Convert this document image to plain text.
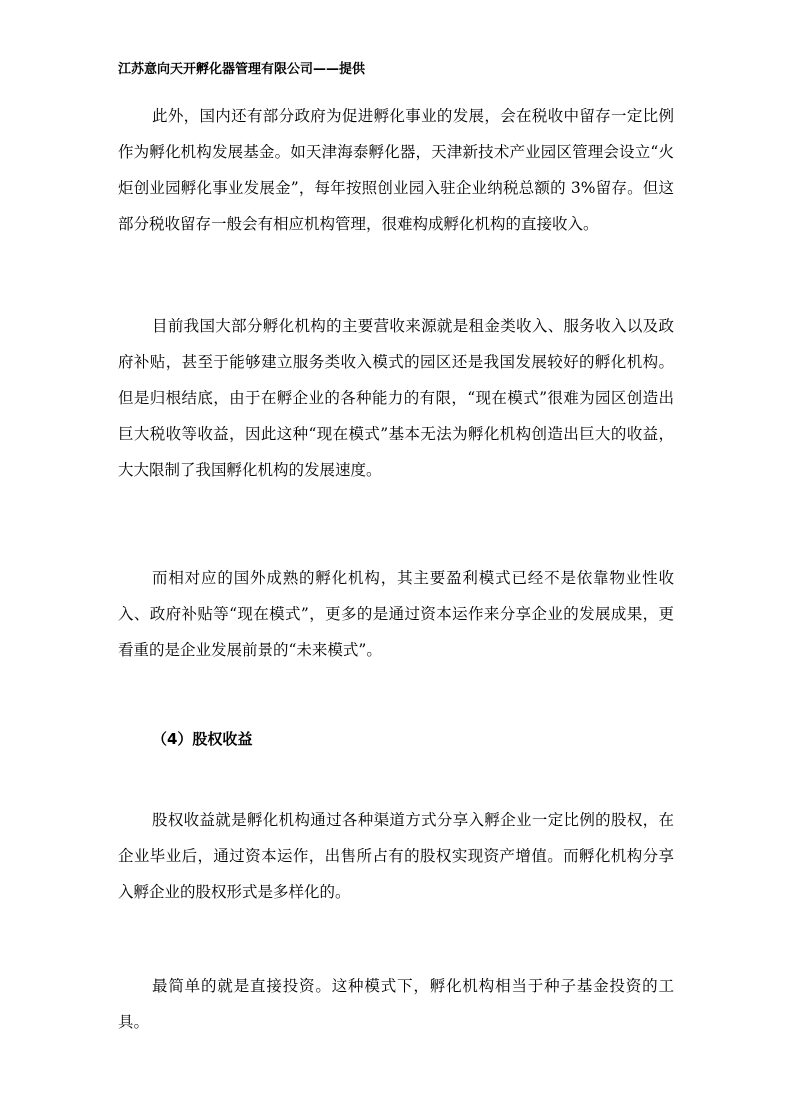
江苏意向天开孵化器管理有限公司——提供

此外，国内还有部分政府为促进孵化事业的发展，会在税收中留存一定比例作为孵化机构发展基金。如天津海泰孵化器，天津新技术产业园区管理会设立“火炬创业园孵化事业发展金”，每年按照创业园入驻企业纳税总额的 3%留存。但这部分税收留存一般会有相应机构管理，很难构成孵化机构的直接收入。

目前我国大部分孵化机构的主要营收来源就是租金类收入、服务收入以及政府补贴，甚至于能够建立服务类收入模式的园区还是我国发展较好的孵化机构。但是归根结底，由于在孵企业的各种能力的有限，“现在模式”很难为园区创造出巨大税收等收益，因此这种“现在模式”基本无法为孵化机构创造出巨大的收益，大大限制了我国孵化机构的发展速度。

而相对应的国外成熟的孵化机构，其主要盈利模式已经不是依靠物业性收入、政府补贴等“现在模式”，更多的是通过资本运作来分享企业的发展成果，更看重的是企业发展前景的“未来模式”。

（4）股权收益

股权收益就是孵化机构通过各种渠道方式分享入孵企业一定比例的股权，在企业毕业后，通过资本运作，出售所占有的股权实现资产增值。而孵化机构分享入孵企业的股权形式是多样化的。

最简单的就是直接投资。这种模式下，孵化机构相当于种子基金投资的工具。
